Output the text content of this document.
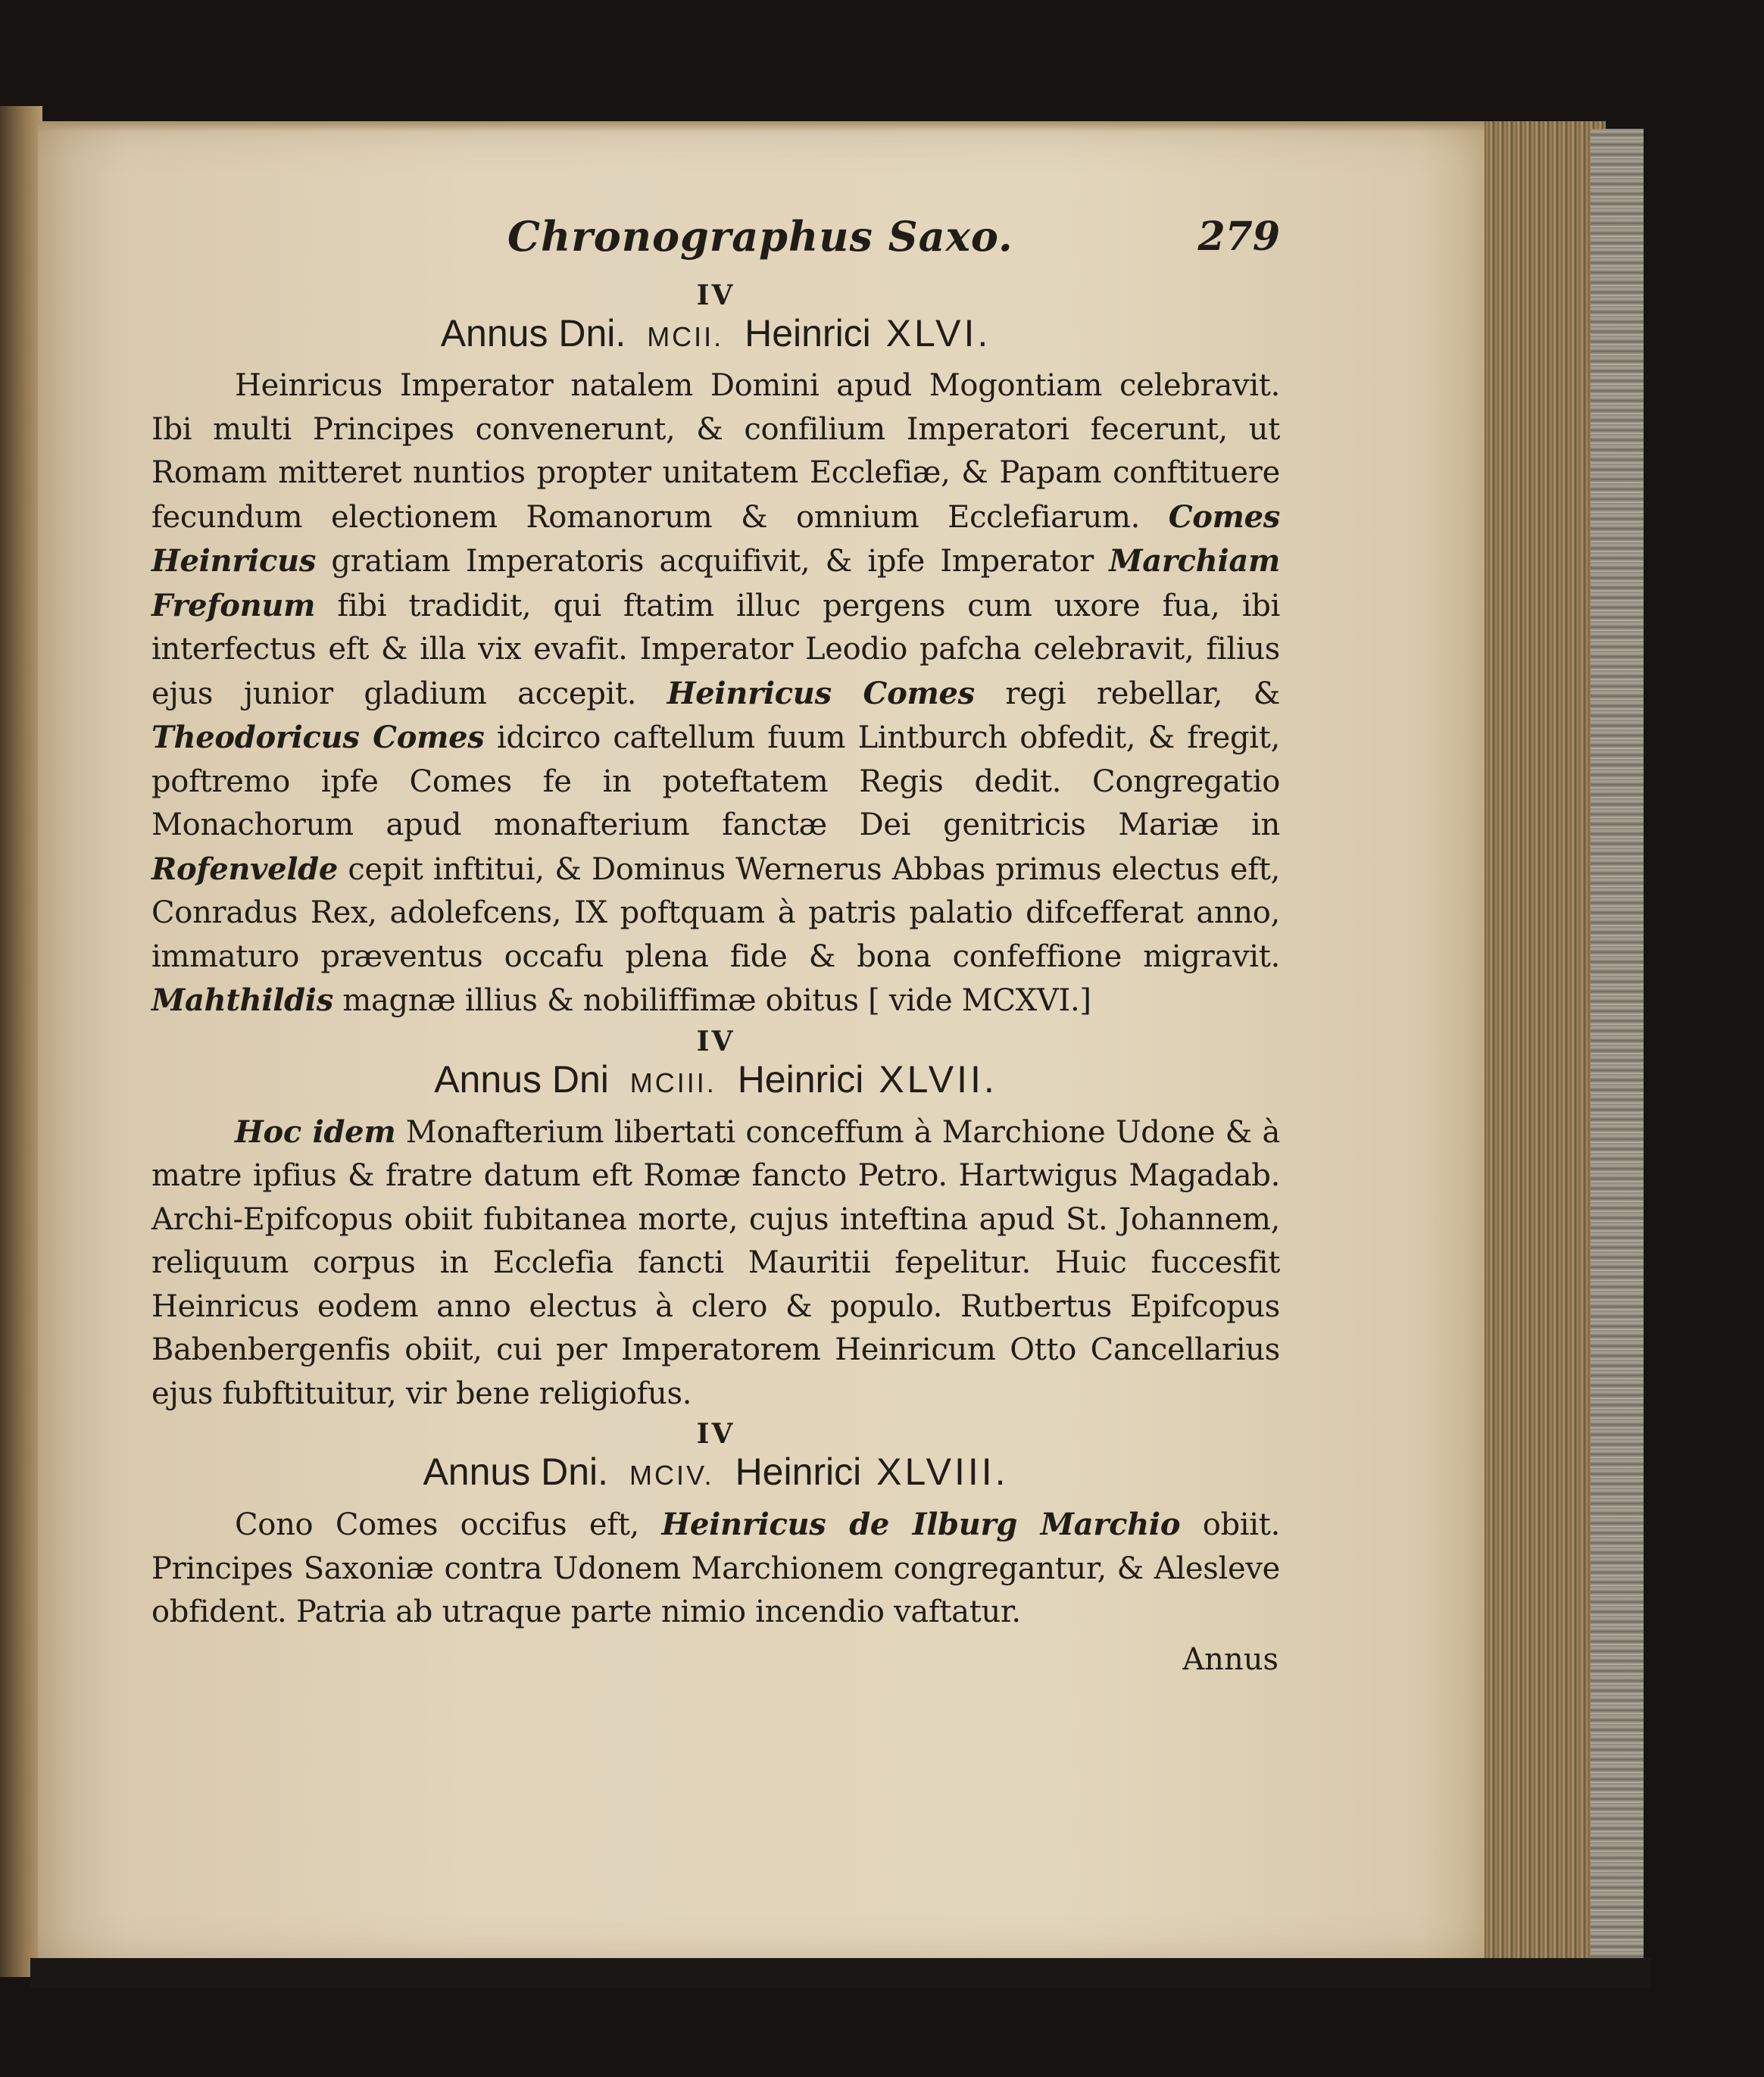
Chronographus Saxo.	279
IV
Annus Dni. MCII. Heinrici XLVI.

Heinricus Imperator natalem Domini apud Mogontiam celebravit. Ibi multi Principes convenerunt, & confilium Imperatori fecerunt, ut Romam mitteret nuntios propter unitatem Ecclefiæ, & Papam conftituere fecundum electionem Romanorum & omnium Ecclefiarum. Comes Heinricus gratiam Imperatoris acquifivit, & ipfe Imperator Marchiam Frefonum fibi tradidit, qui ftatim illuc pergens cum uxore fua, ibi interfectus eft & illa vix evafit. Imperator Leodio pafcha celebravit, filius ejus junior gladium accepit. Heinricus Comes regi rebellar, & Theodoricus Comes idcirco caftellum fuum Lintburch obfedit, & fregit, poftremo ipfe Comes fe in poteftatem Regis dedit. Congregatio Monachorum apud monafterium fanctæ Dei genitricis Mariæ in Rofenvelde cepit inftitui, & Dominus Wernerus Abbas primus electus eft, Conradus Rex, adolefcens, IX poftquam à patris palatio difcefferat anno, immaturo præventus occafu plena fide & bona confeffione migravit. Mahthildis magnæ illius & nobiliffimæ obitus [ vide MCXVI.]

IV
Annus Dni MCIII. Heinrici XLVII.

Hoc idem Monafterium libertati conceffum à Marchione Udone & à matre ipfius & fratre datum eft Romæ fancto Petro. Hartwigus Magadab. Archi-Epifcopus obiit fubitanea morte, cujus inteftina apud St. Johannem, reliquum corpus in Ecclefia fancti Mauritii fepelitur. Huic fuccesfit Heinricus eodem anno electus à clero & populo. Rutbertus Epifcopus Babenbergenfis obiit, cui per Imperatorem Heinricum Otto Cancellarius ejus fubftituitur, vir bene religiofus.

IV
Annus Dni. MCIV. Heinrici XLVIII.

Cono Comes occifus eft, Heinricus de Ilburg Marchio obiit. Principes Saxoniæ contra Udonem Marchionem congregantur, & Alesleve obfident. Patria ab utraque parte nimio incendio vaftatur.

Annus
